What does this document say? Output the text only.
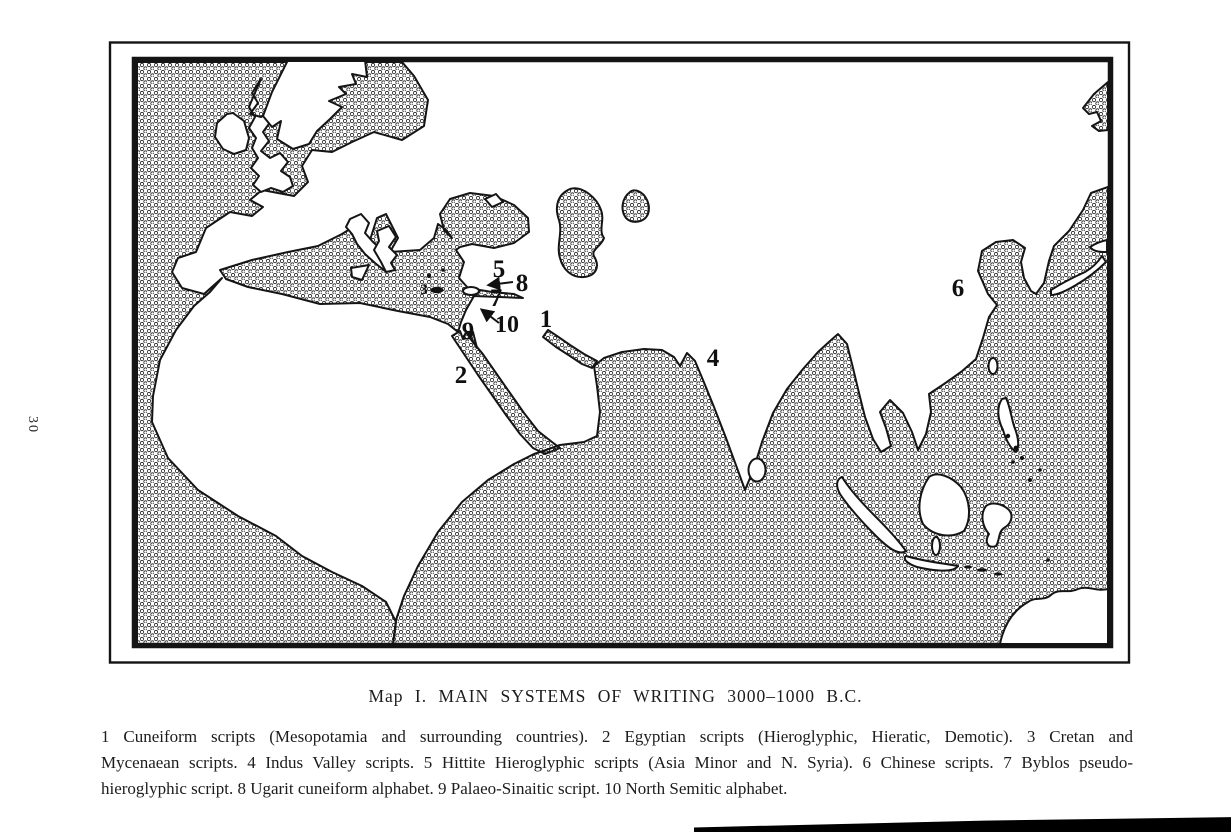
1
2
3
4
5
6
7
8
9 10
30
Map I. MAIN SYSTEMS OF WRITING 3000–1000 B.C.
1 Cuneiform scripts (Mesopotamia and surrounding countries). 2 Egyptian scripts (Hieroglyphic, Hieratic, Demotic). 3 Cretan and
Mycenaean scripts. 4 Indus Valley scripts. 5 Hittite Hieroglyphic scripts (Asia Minor and N. Syria). 6 Chinese scripts. 7 Byblos pseudo-
hieroglyphic script. 8 Ugarit cuneiform alphabet. 9 Palaeo-Sinaitic script. 10 North Semitic alphabet.
